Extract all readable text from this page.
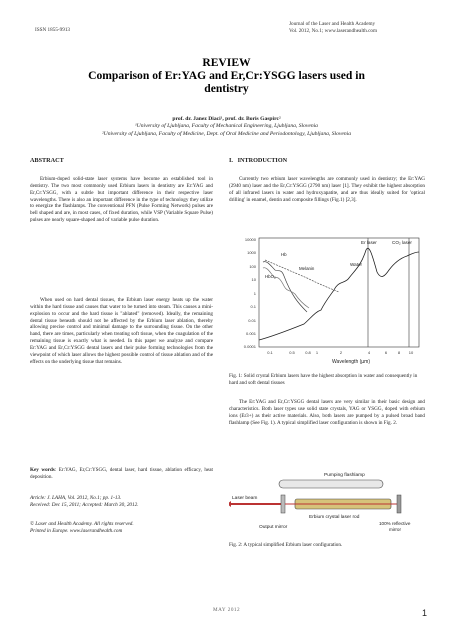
ISSN 1855-9913
Journal of the Laser and Health Academy
Vol. 2012, No.1; www.laserandhealth.com
REVIEW
Comparison of Er:YAG and Er,Cr:YSGG lasers used in
dentistry
prof. dr. Janez Diaci¹, prof. dr. Boris Gaspirc²
¹University of Ljubljana, Faculty of Mechanical Engineering, Ljubljana, Slovenia
²University of Ljubljana, Faculty of Medicine, Dept. of Oral Medicine and Periodontology, Ljubljana, Slovenia
ABSTRACT

Erbium-doped solid-state laser systems have become an established tool in dentistry. The two most commonly used Erbium lasers in dentistry are Er:YAG and Er,Cr:YSGG, with a subtle but important difference in their respective laser wavelengths. There is also an important difference in the type of technology they utilize to energize the flashlamps. The conventional PFN (Pulse Forming Network) pulses are bell shaped and are, in most cases, of fixed duration, while VSP (Variable Square Pulse) pulses are nearly square-shaped and of variable pulse duration.

When used on hard dental tissues, the Erbium laser energy heats up the water within the hard tissue and causes that water to be turned into steam. This causes a mini-explosion to occur and the hard tissue is "ablated" (removed). Ideally, the remaining dental tissue beneath should not be affected by the Erbium laser ablation, thereby allowing precise control and minimal damage to the surrounding tissue. On the other hand, there are times, particularly when treating soft tissue, when the coagulation of the remaining tissue is exactly what is needed. In this paper we analyze and compare Er:YAG and Er,Cr:YSGG dental lasers and their pulse forming technologies from the viewpoint of which laser allows the highest possible control of tissue ablation and of the effects on the underlying tissue that remains.

Key words: Er:YAG, Er,Cr:YSGG, dental laser, hard tissue, ablation efficacy, heat deposition.

Article: J. LAHA, Vol. 2012, No.1; pp. 1-13.
Received: Dec 15, 2011; Accepted: March 30, 2012.
© Laser and Health Academy. All rights reserved.
Printed in Europe. www.laserandhealth.com
I.   INTRODUCTION

Currently two erbium laser wavelengths are commonly used in dentistry; the Er:YAG (2940 nm) laser and the Er,Cr:YSGG (2790 nm) laser [1]. They exhibit the highest absorption of all infrared lasers in water and hydroxyapatite, and are thus ideally suited for 'optical drilling' in enamel, dentin and composite fillings (Fig.1) [2,3].

10000
1000
100
10
1
0.1
0.01
0.001
0.0001
0.1	0.5	0.8 1	2	4	6	8 10
Wavelength (µm)
Er laser	CO₂ laser
Water
Hb
HbO₂
Melanin
Fig. 1: Solid crystal Erbium lasers have the highest absorption in water and consequently in hard and soft dental tissues

The Er:YAG and Er,Cr:YSGG dental lasers are very similar in their basic design and characteristics. Both laser types use solid state crystals, YAG or YSGG, doped with erbium ions (Er3+) as their active materials. Also, both lasers are pumped by a pulsed broad band flashlamp (See Fig. 1). A typical simplified laser configuration is shown in Fig. 2.

Pumping flashlamp
Laser beam
Erbium crystal laser rod
Output mirror
100% reflective
mirror
Fig. 2: A typical simplified Erbium laser configuration.
MAY 2012	1
